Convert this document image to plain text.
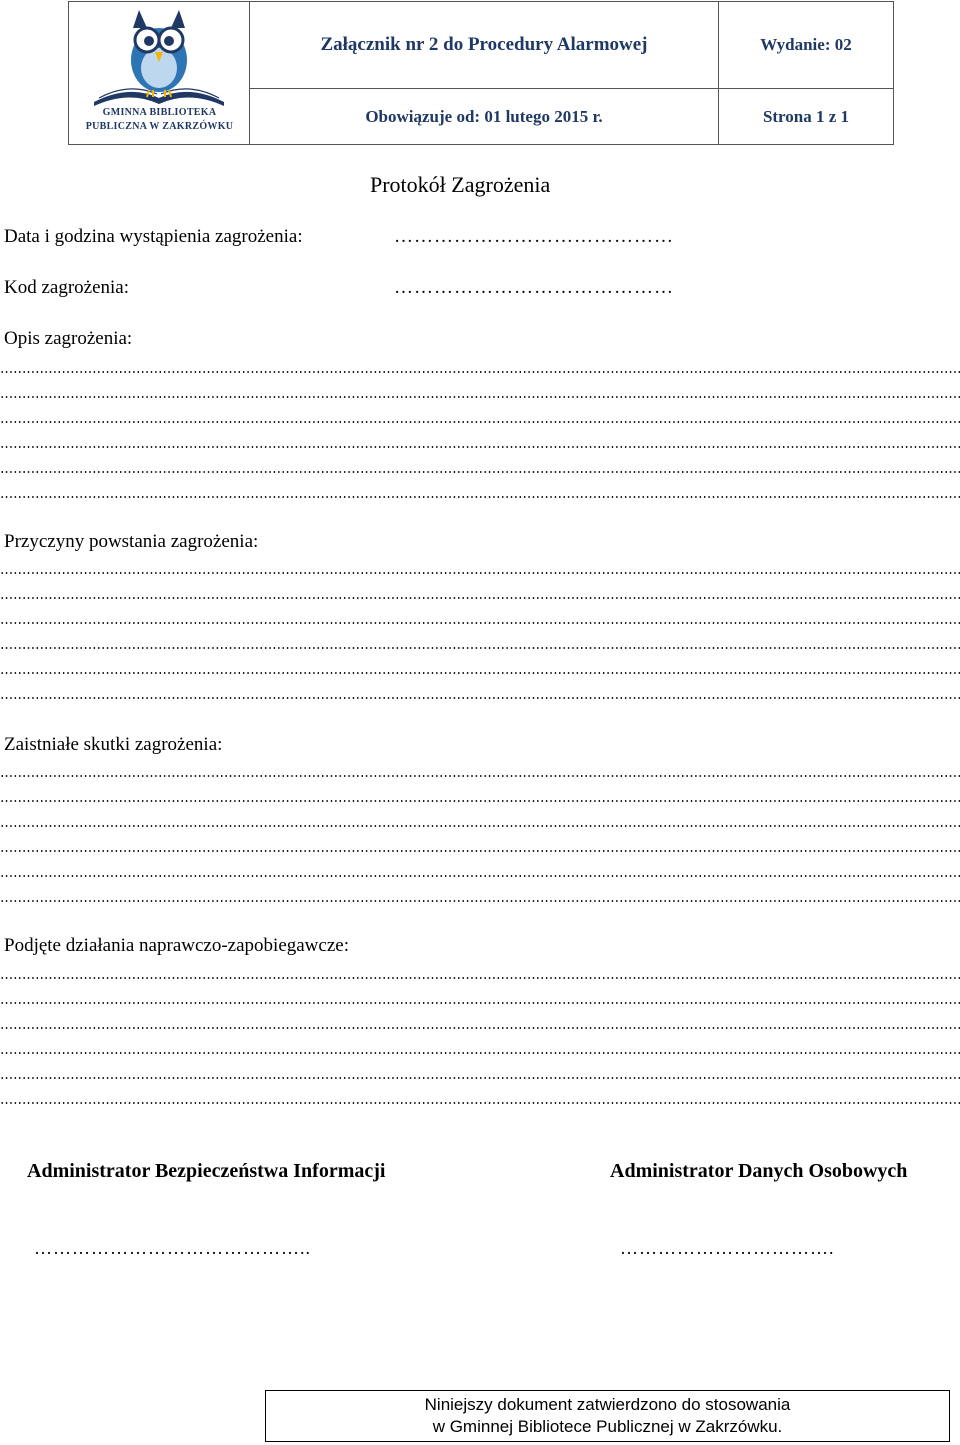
GMINNA BIBLIOTEKA
PUBLICZNA W ZAKRZÓWKU
Załącznik nr 2 do Procedury Alarmowej	Wydanie: 02
Obowiązuje od: 01 lutego 2015 r.	Strona 1 z 1
Protokół Zagrożenia
Data i godzina wystąpienia zagrożenia:	……………………………………
Kod zagrożenia:	……………………………………
Opis zagrożenia:
Przyczyny powstania zagrożenia:
Zaistniałe skutki zagrożenia:
Podjęte działania naprawczo-zapobiegawcze:
Administrator Bezpieczeństwa Informacji
……………………………………..
Administrator Danych Osobowych
…………………………….
Niniejszy dokument zatwierdzono do stosowania
w Gminnej Bibliotece Publicznej w Zakrzówku.
